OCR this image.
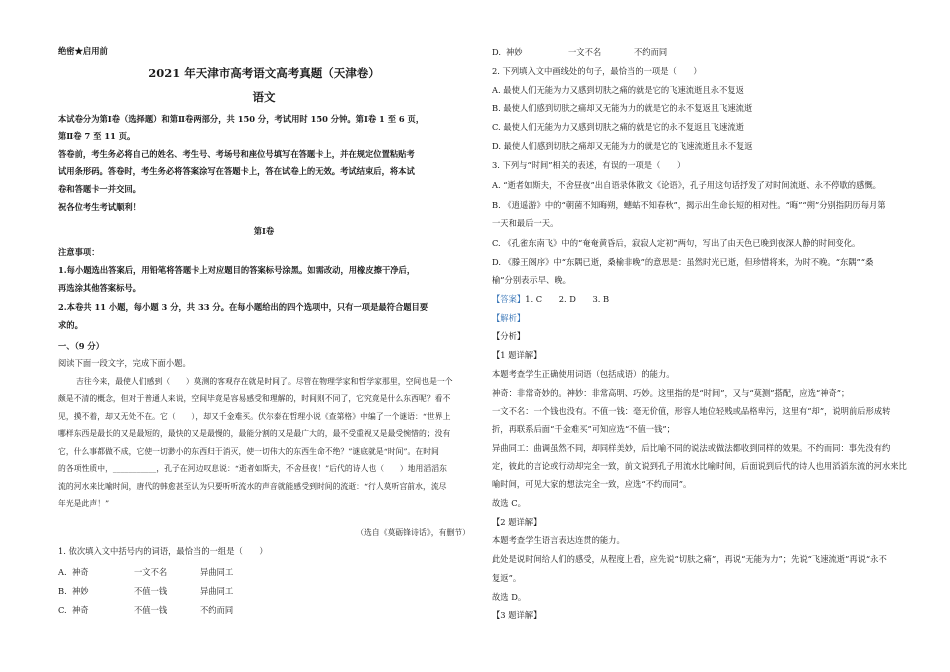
绝密★启用前
2021 年天津市高考语文高考真题（天津卷）
语文
本试卷分为第Ⅰ卷（选择题）和第Ⅱ卷两部分，共 150 分，考试用时 150 分钟。第Ⅰ卷 1 至 6 页，
第Ⅱ卷 7 至 11 页。
答卷前，考生务必将自己的姓名、考生号、考场号和座位号填写在答题卡上，并在规定位置粘贴考
试用条形码。答卷时，考生务必将答案涂写在答题卡上，答在试卷上的无效。考试结束后，将本试
卷和答题卡一并交回。
祝各位考生考试顺利！
第Ⅰ卷
注意事项：
1.每小题选出答案后，用铅笔将答题卡上对应题目的答案标号涂黑。如需改动，用橡皮擦干净后，
再选涂其他答案标号。
2.本卷共 11 小题，每小题 3 分，共 33 分。在每小题给出的四个选项中，只有一项是最符合题目要
求的。
一、（9 分）
阅读下面一段文字，完成下面小题。
吉往今来，最使人们感到（　　）莫测的客观存在就是时间了。尽管在物理学家和哲学家那里，空间也是一个
颇是不清的概念，但对于普通人来说，空间毕竟是容易感受和理解的，时间则不同了，它究竟是什么东西呢？看不
见，摸不着，却又无处不在。它（　　），却又千金难买。伏尔泰在哲理小说《查第格》中编了一个谜语：“世界上
哪样东西是最长的又是最短的，最快的又是最慢的，最能分割的又是最广大的，最不受重视又是最受惋惜的；没有
它，什么事都做不成，它使一切渺小的东西归于消灭，使一切伟大的东西生命不绝？”谜底就是“时间”。在时间
的各项性质中，___________，孔子在河边叹息说：“逝者如斯夫，不舍昼夜！”后代的诗人也（　　）地用滔滔东
流的河水来比喻时间，唐代的韩愈甚至认为只要听听流水的声音就能感受到时间的流逝：“行人莫听宫前水，流尽
年光是此声！”
（选自《莫砺锋诗话》，有删节）
1. 依次填入文中括号内的词语，最恰当的一组是（　　）
A. 神奇	一文不名	异曲同工
B. 神妙	不值一钱	异曲同工
C. 神奇	不值一钱	不约而同
D. 神妙	一文不名	不约而同
2. 下列填入文中画线处的句子，最恰当的一项是（　　）
A. 最使人们无能为力又感到切肤之痛的就是它的飞速流逝且永不复返
B. 最使人们感到切肤之痛却又无能为力的就是它的永不复返且飞速流逝
C. 最使人们无能为力又感到切肤之痛的就是它的永不复返且飞速流逝
D. 最使人们感到切肤之痛却又无能为力的就是它的飞速流逝且永不复返
3. 下列与“时间”相关的表述，有误的一项是（　　）
A. “逝者如斯夫，不舍昼夜”出自语录体散文《论语》，孔子用这句话抒发了对时间流逝、永不停歇的感慨。
B. 《逍遥游》中的“朝菌不知晦朔，蟪蛄不知春秋”，揭示出生命长短的相对性。“晦”“朔”分别指阴历每月第
一天和最后一天。
C. 《孔雀东南飞》中的“奄奄黄昏后，寂寂人定初”两句，写出了由天色已晚到夜深人静的时间变化。
D. 《滕王阁序》中“东隅已逝，桑榆非晚”的意思是：虽然时光已逝，但珍惜将来，为时不晚。“东隅”“桑
榆”分别表示早、晚。
【答案】1. C　　2. D　　3. B
【解析】
【分析】
【1 题详解】
本题考查学生正确使用词语（包括成语）的能力。
神奇：非常奇妙的。神妙：非常高明、巧妙。这里指的是“时间”，又与“莫测”搭配，应选“神奇”；
一文不名：一个钱也没有。不值一钱：毫无价值，形容人地位轻贱或品格卑污，这里有“却”，说明前后形成转
折，再联系后面“千金难买”可知应选“不值一钱”；
异曲同工：曲调虽然不同，却同样美妙，后比喻不同的说法或做法都收到同样的效果。不约而同：事先没有约
定，彼此的言论或行动却完全一致，前文说到孔子用流水比喻时间，后面说到后代的诗人也用滔滔东流的河水来比
喻时间，可见大家的想法完全一致，应选“不约而同”。
故选 C。
【2 题详解】
本题考查学生语言表达连贯的能力。
此处是说时间给人们的感受，从程度上看，应先说“切肤之痛”，再说“无能为力”；先说“飞速流逝”再说“永不
复返”。
故选 D。
【3 题详解】
